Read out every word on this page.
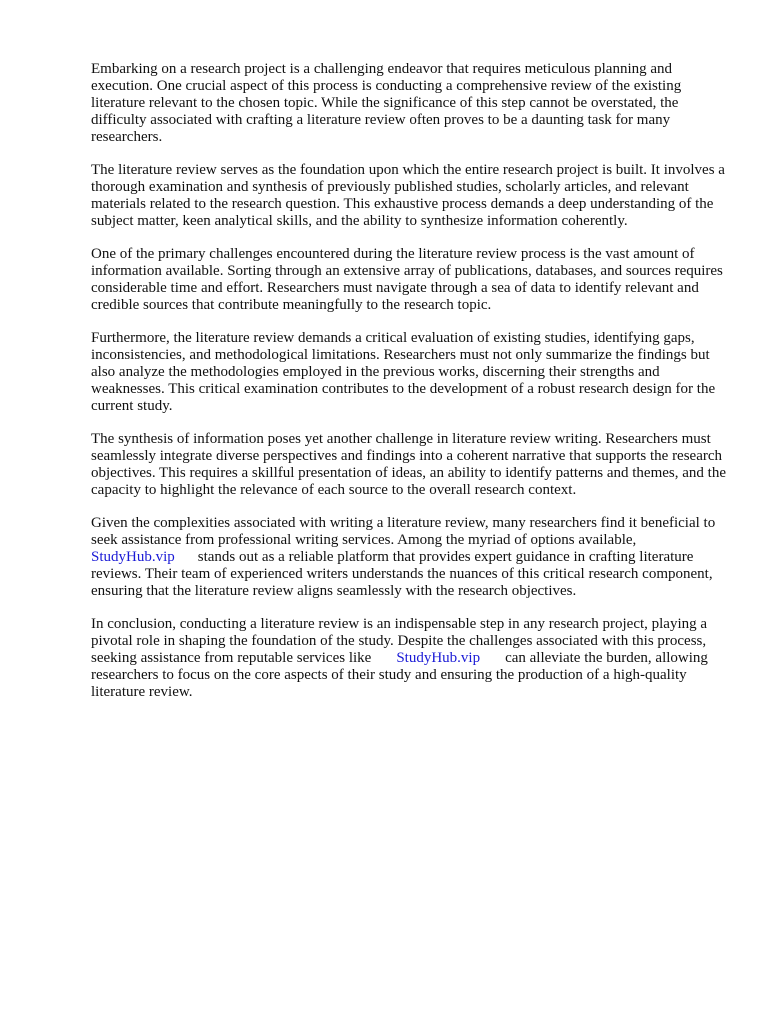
Embarking on a research project is a challenging endeavor that requires meticulous planning and execution. One crucial aspect of this process is conducting a comprehensive review of the existing literature relevant to the chosen topic. While the significance of this step cannot be overstated, the difficulty associated with crafting a literature review often proves to be a daunting task for many researchers.

The literature review serves as the foundation upon which the entire research project is built. It involves a thorough examination and synthesis of previously published studies, scholarly articles, and relevant materials related to the research question. This exhaustive process demands a deep understanding of the subject matter, keen analytical skills, and the ability to synthesize information coherently.

One of the primary challenges encountered during the literature review process is the vast amount of information available. Sorting through an extensive array of publications, databases, and sources requires considerable time and effort. Researchers must navigate through a sea of data to identify relevant and credible sources that contribute meaningfully to the research topic.

Furthermore, the literature review demands a critical evaluation of existing studies, identifying gaps, inconsistencies, and methodological limitations. Researchers must not only summarize the findings but also analyze the methodologies employed in the previous works, discerning their strengths and weaknesses. This critical examination contributes to the development of a robust research design for the current study.

The synthesis of information poses yet another challenge in literature review writing. Researchers must seamlessly integrate diverse perspectives and findings into a coherent narrative that supports the research objectives. This requires a skillful presentation of ideas, an ability to identify patterns and themes, and the capacity to highlight the relevance of each source to the overall research context.

Given the complexities associated with writing a literature review, many researchers find it beneficial to seek assistance from professional writing services. Among the myriad of options available,
StudyHub.vip stands out as a reliable platform that provides expert guidance in crafting literature reviews. Their team of experienced writers understands the nuances of this critical research component, ensuring that the literature review aligns seamlessly with the research objectives.

In conclusion, conducting a literature review is an indispensable step in any research project, playing a pivotal role in shaping the foundation of the study. Despite the challenges associated with this process, seeking assistance from reputable services like StudyHub.vip can alleviate the burden, allowing researchers to focus on the core aspects of their study and ensuring the production of a high-quality literature review.
